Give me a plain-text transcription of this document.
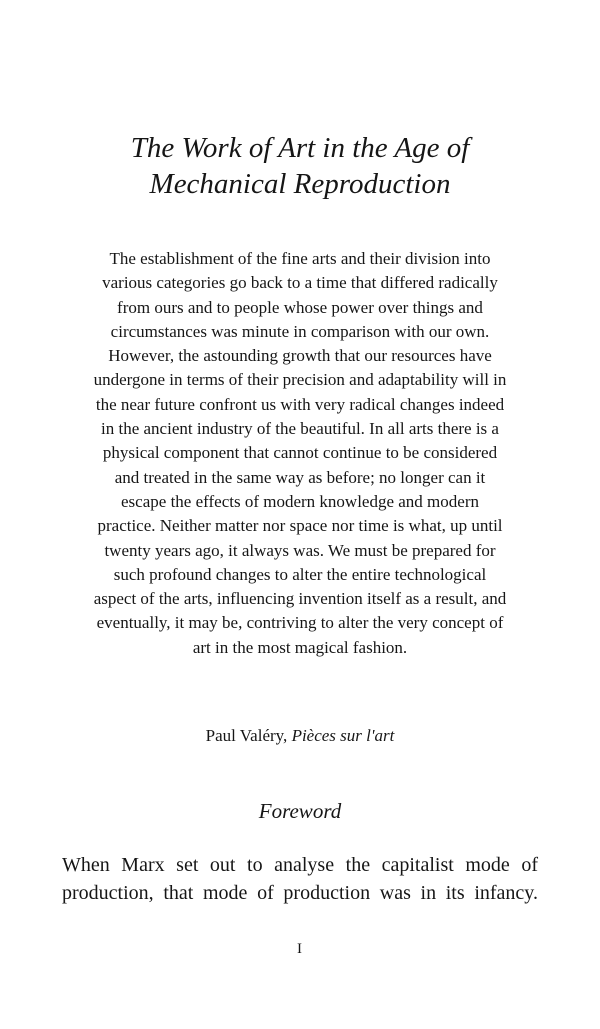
The Work of Art in the Age of
Mechanical Reproduction

The establishment of the fine arts and their division into
various categories go back to a time that differed radically
from ours and to people whose power over things and
circumstances was minute in comparison with our own.
However, the astounding growth that our resources have
undergone in terms of their precision and adaptability will in
the near future confront us with very radical changes indeed
in the ancient industry of the beautiful. In all arts there is a
physical component that cannot continue to be considered
and treated in the same way as before; no longer can it
escape the effects of modern knowledge and modern
practice. Neither matter nor space nor time is what, up until
twenty years ago, it always was. We must be prepared for
such profound changes to alter the entire technological
aspect of the arts, influencing invention itself as a result, and
eventually, it may be, contriving to alter the very concept of
art in the most magical fashion.

Paul Valéry, Pièces sur l'art

Foreword

When Marx set out to analyse the capitalist mode of
production, that mode of production was in its infancy.

I
